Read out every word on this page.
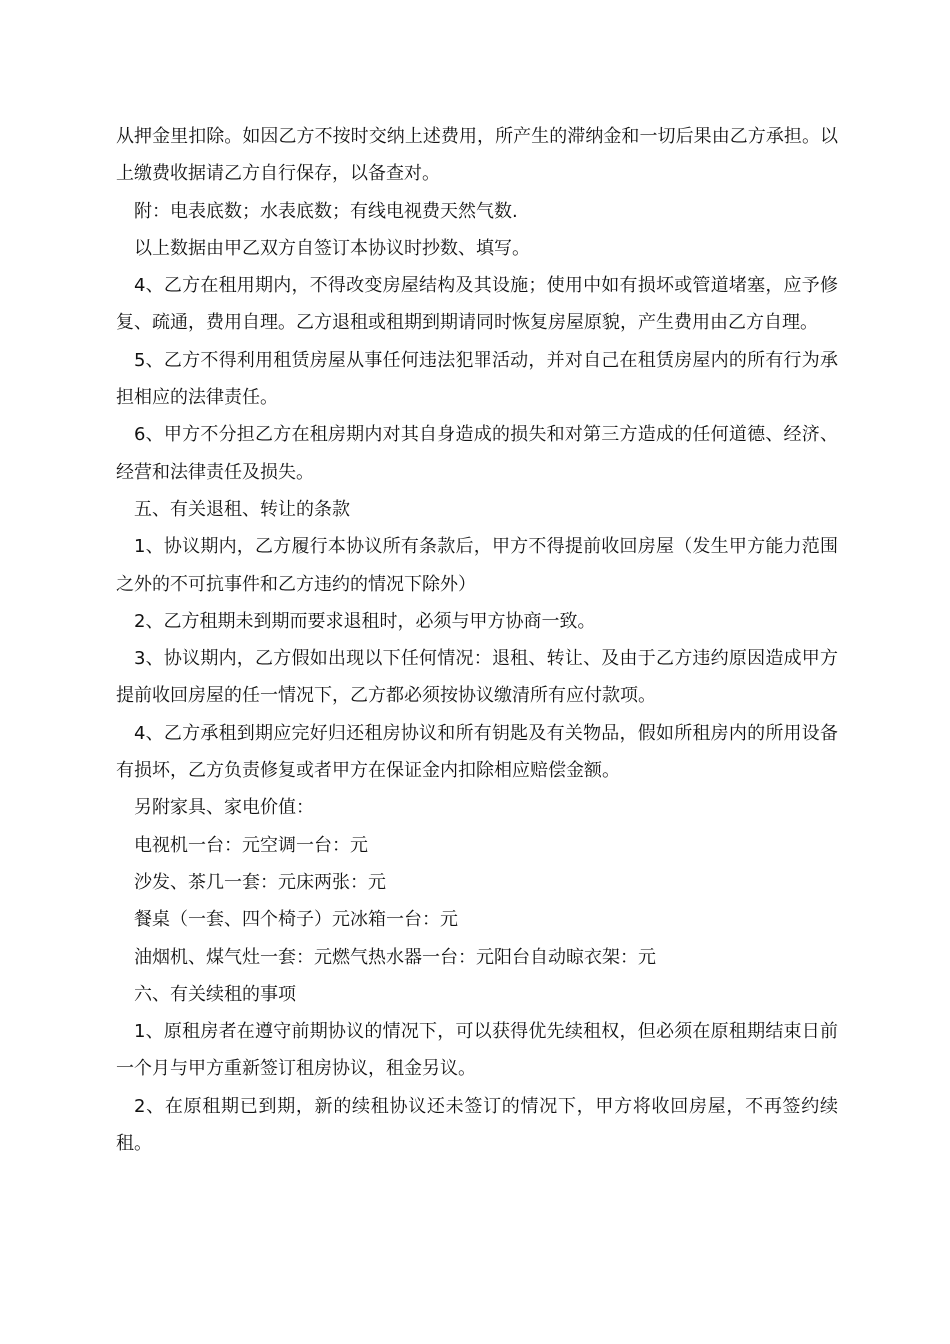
从押金里扣除。如因乙方不按时交纳上述费用，所产生的滞纳金和一切后果由乙方承担。以上缴费收据请乙方自行保存，以备查对。

附：电表底数；水表底数；有线电视费天然气数.

以上数据由甲乙双方自签订本协议时抄数、填写。

4、乙方在租用期内，不得改变房屋结构及其设施；使用中如有损坏或管道堵塞，应予修复、疏通，费用自理。乙方退租或租期到期请同时恢复房屋原貌，产生费用由乙方自理。

5、乙方不得利用租赁房屋从事任何违法犯罪活动，并对自己在租赁房屋内的所有行为承担相应的法律责任。

6、甲方不分担乙方在租房期内对其自身造成的损失和对第三方造成的任何道德、经济、经营和法律责任及损失。

五、有关退租、转让的条款

1、协议期内，乙方履行本协议所有条款后，甲方不得提前收回房屋（发生甲方能力范围之外的不可抗事件和乙方违约的情况下除外）

2、乙方租期未到期而要求退租时，必须与甲方协商一致。

3、协议期内，乙方假如出现以下任何情况：退租、转让、及由于乙方违约原因造成甲方提前收回房屋的任一情况下，乙方都必须按协议缴清所有应付款项。

4、乙方承租到期应完好归还租房协议和所有钥匙及有关物品，假如所租房内的所用设备有损坏，乙方负责修复或者甲方在保证金内扣除相应赔偿金额。

另附家具、家电价值：

电视机一台：元空调一台：元

沙发、茶几一套：元床两张：元

餐桌（一套、四个椅子）元冰箱一台：元

油烟机、煤气灶一套：元燃气热水器一台：元阳台自动晾衣架：元

六、有关续租的事项

1、原租房者在遵守前期协议的情况下，可以获得优先续租权，但必须在原租期结束日前一个月与甲方重新签订租房协议，租金另议。

2、在原租期已到期，新的续租协议还未签订的情况下，甲方将收回房屋，不再签约续租。
